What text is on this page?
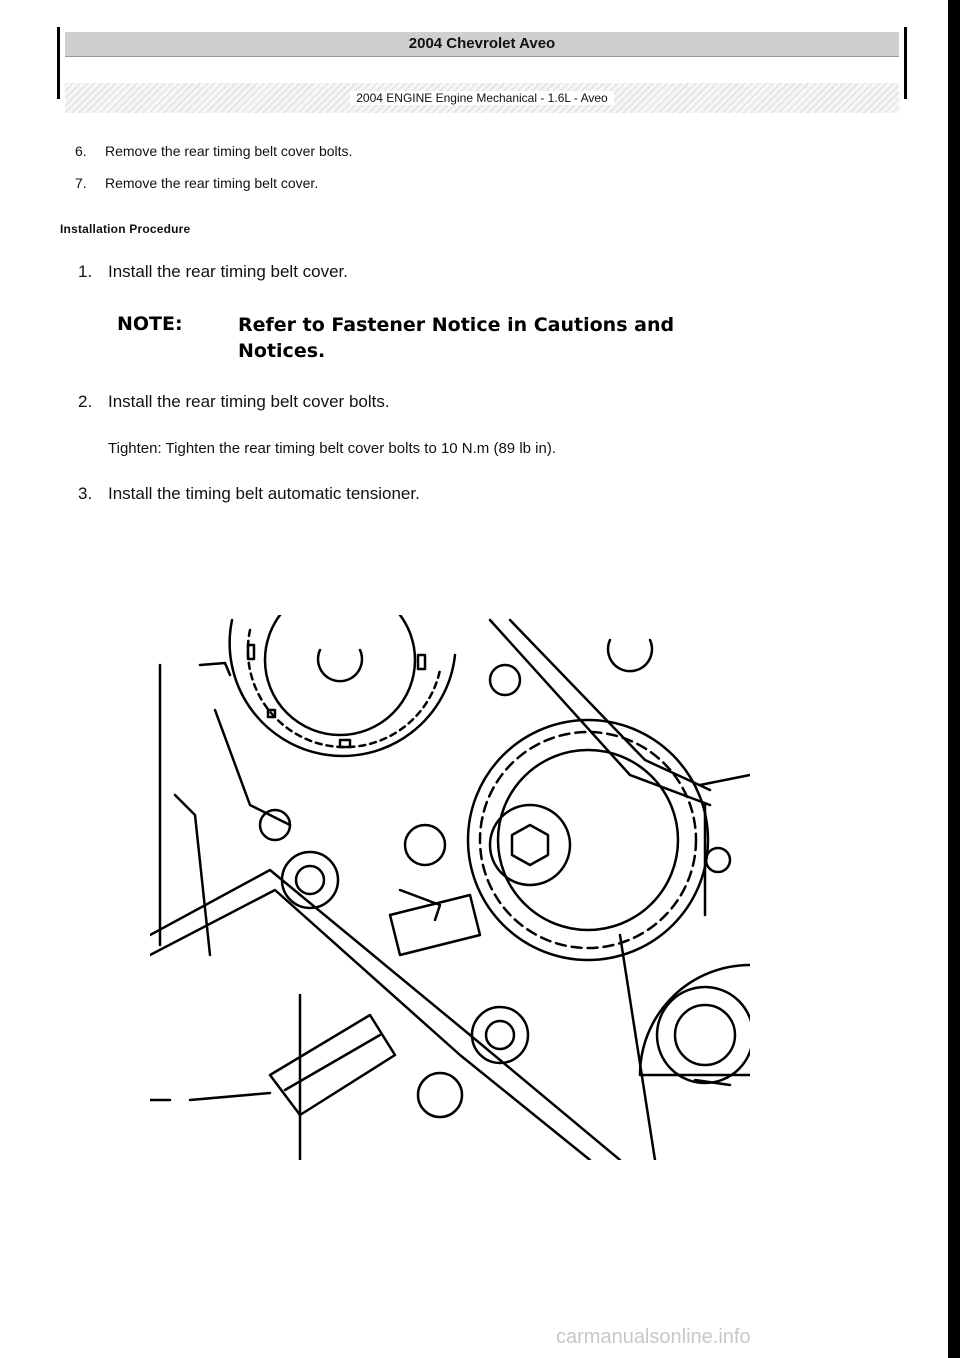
2004 Chevrolet Aveo
2004 ENGINE Engine Mechanical - 1.6L - Aveo
6. Remove the rear timing belt cover bolts.
7. Remove the rear timing belt cover.
Installation Procedure
1. Install the rear timing belt cover.
NOTE:	Refer to Fastener Notice in Cautions and Notices.
2. Install the rear timing belt cover bolts.
Tighten: Tighten the rear timing belt cover bolts to 10 N.m (89 lb in).
3. Install the timing belt automatic tensioner.
carmanualsonline.info
